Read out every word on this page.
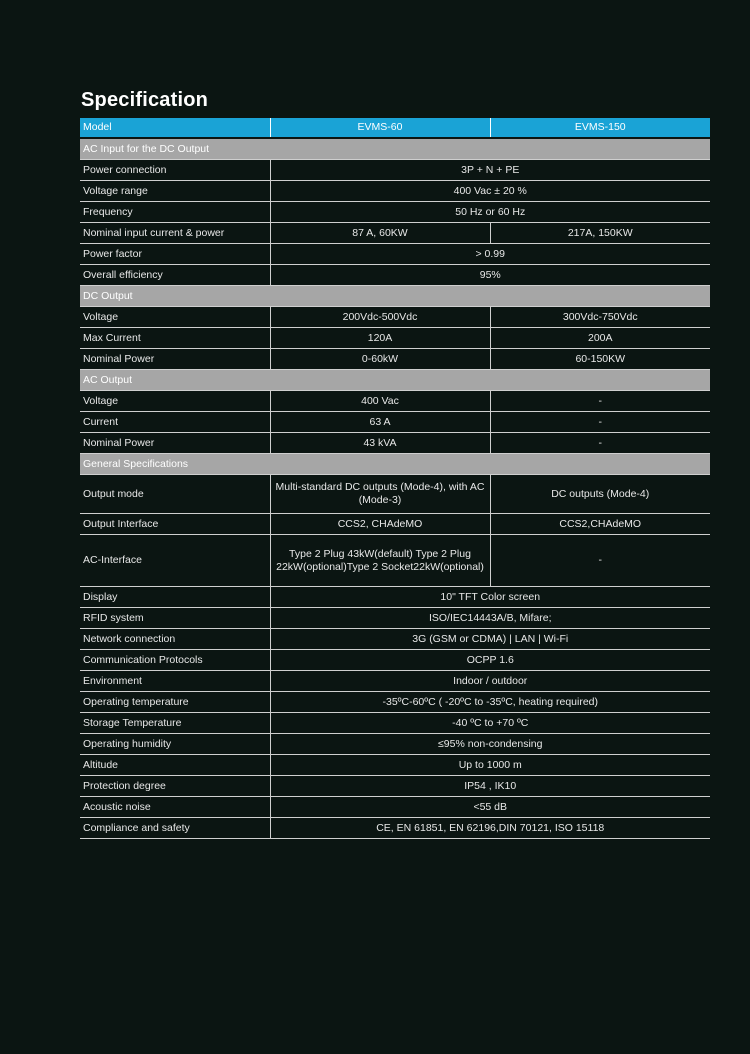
Specification
Model	EVMS-60	EVMS-150
AC Input for the DC Output		
Power connection	3P + N + PE	
Voltage range	400 Vac ± 20 %	
Frequency	50 Hz or 60 Hz	
Nominal input current & power	87 A, 60KW	217A, 150KW
Power factor	> 0.99	
Overall efficiency	95%	
DC Output		
Voltage	200Vdc-500Vdc	300Vdc-750Vdc
Max Current	120A	200A
Nominal Power	0-60kW	60-150KW
AC Output		
Voltage	400 Vac	-
Current	63 A	-
Nominal Power	43 kVA	-
General Specifications		
Output mode	Multi-standard DC outputs (Mode-4), with AC (Mode-3)	DC outputs (Mode-4)
Output Interface	CCS2, CHAdeMO	CCS2,CHAdeMO
AC-Interface	Type 2 Plug 43kW(default) Type 2 Plug 22kW(optional)Type 2 Socket22kW(optional)	-
Display	10" TFT Color screen	
RFID system	ISO/IEC14443A/B, Mifare;	
Network connection	3G (GSM or CDMA) | LAN | Wi-Fi	
Communication Protocols	OCPP 1.6	
Environment	Indoor / outdoor	
Operating temperature	-35ºC-60ºC ( -20ºC to -35ºC, heating required)	
Storage Temperature	-40 ºC to +70 ºC	
Operating humidity	≤95% non-condensing	
Altitude	Up to 1000 m	
Protection degree	IP54 , IK10	
Acoustic noise	<55 dB	
Compliance and safety	CE, EN 61851, EN 62196,DIN 70121, ISO 15118	
